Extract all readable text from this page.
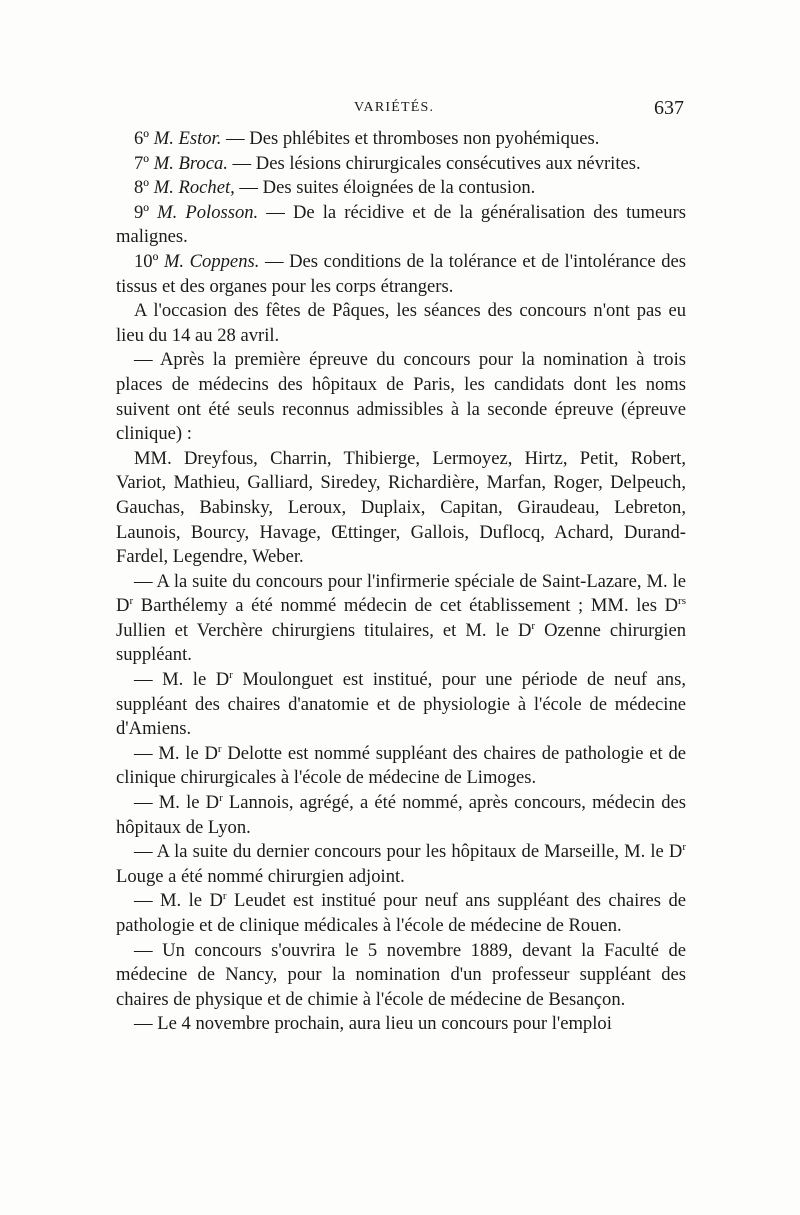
VARIÉTÉS.	637

6º M. Estor. — Des phlébites et thromboses non pyohémiques.

7º M. Broca. — Des lésions chirurgicales consécutives aux névrites.

8º M. Rochet, — Des suites éloignées de la contusion.

9º M. Polosson. — De la récidive et de la généralisation des tumeurs malignes.

10º M. Coppens. — Des conditions de la tolérance et de l'intolérance des tissus et des organes pour les corps étrangers.

A l'occasion des fêtes de Pâques, les séances des concours n'ont pas eu lieu du 14 au 28 avril.

— Après la première épreuve du concours pour la nomination à trois places de médecins des hôpitaux de Paris, les candidats dont les noms suivent ont été seuls reconnus admissibles à la seconde épreuve (épreuve clinique) :

MM. Dreyfous, Charrin, Thibierge, Lermoyez, Hirtz, Petit, Robert, Variot, Mathieu, Galliard, Siredey, Richardière, Marfan, Roger, Delpeuch, Gauchas, Babinsky, Leroux, Duplaix, Capitan, Giraudeau, Lebreton, Launois, Bourcy, Havage, Œttinger, Gallois, Duflocq, Achard, Durand-Fardel, Legendre, Weber.

— A la suite du concours pour l'infirmerie spéciale de Saint-Lazare, M. le $D^r$ Barthélemy a été nommé médecin de cet établissement ; MM. les $D^{rs}$ Jullien et Verchère chirurgiens titulaires, et M. le $D^r$ Ozenne chirurgien suppléant.

— M. le $D^r$ Moulonguet est institué, pour une période de neuf ans, suppléant des chaires d'anatomie et de physiologie à l'école de médecine d'Amiens.

— M. le $D^r$ Delotte est nommé suppléant des chaires de pathologie et de clinique chirurgicales à l'école de médecine de Limoges.

— M. le $D^r$ Lannois, agrégé, a été nommé, après concours, médecin des hôpitaux de Lyon.

— A la suite du dernier concours pour les hôpitaux de Marseille, M. le $D^r$ Louge a été nommé chirurgien adjoint.

— M. le $D^r$ Leudet est institué pour neuf ans suppléant des chaires de pathologie et de clinique médicales à l'école de médecine de Rouen.

— Un concours s'ouvrira le 5 novembre 1889, devant la Faculté de médecine de Nancy, pour la nomination d'un professeur suppléant des chaires de physique et de chimie à l'école de médecine de Besançon.

— Le 4 novembre prochain, aura lieu un concours pour l'emploi
